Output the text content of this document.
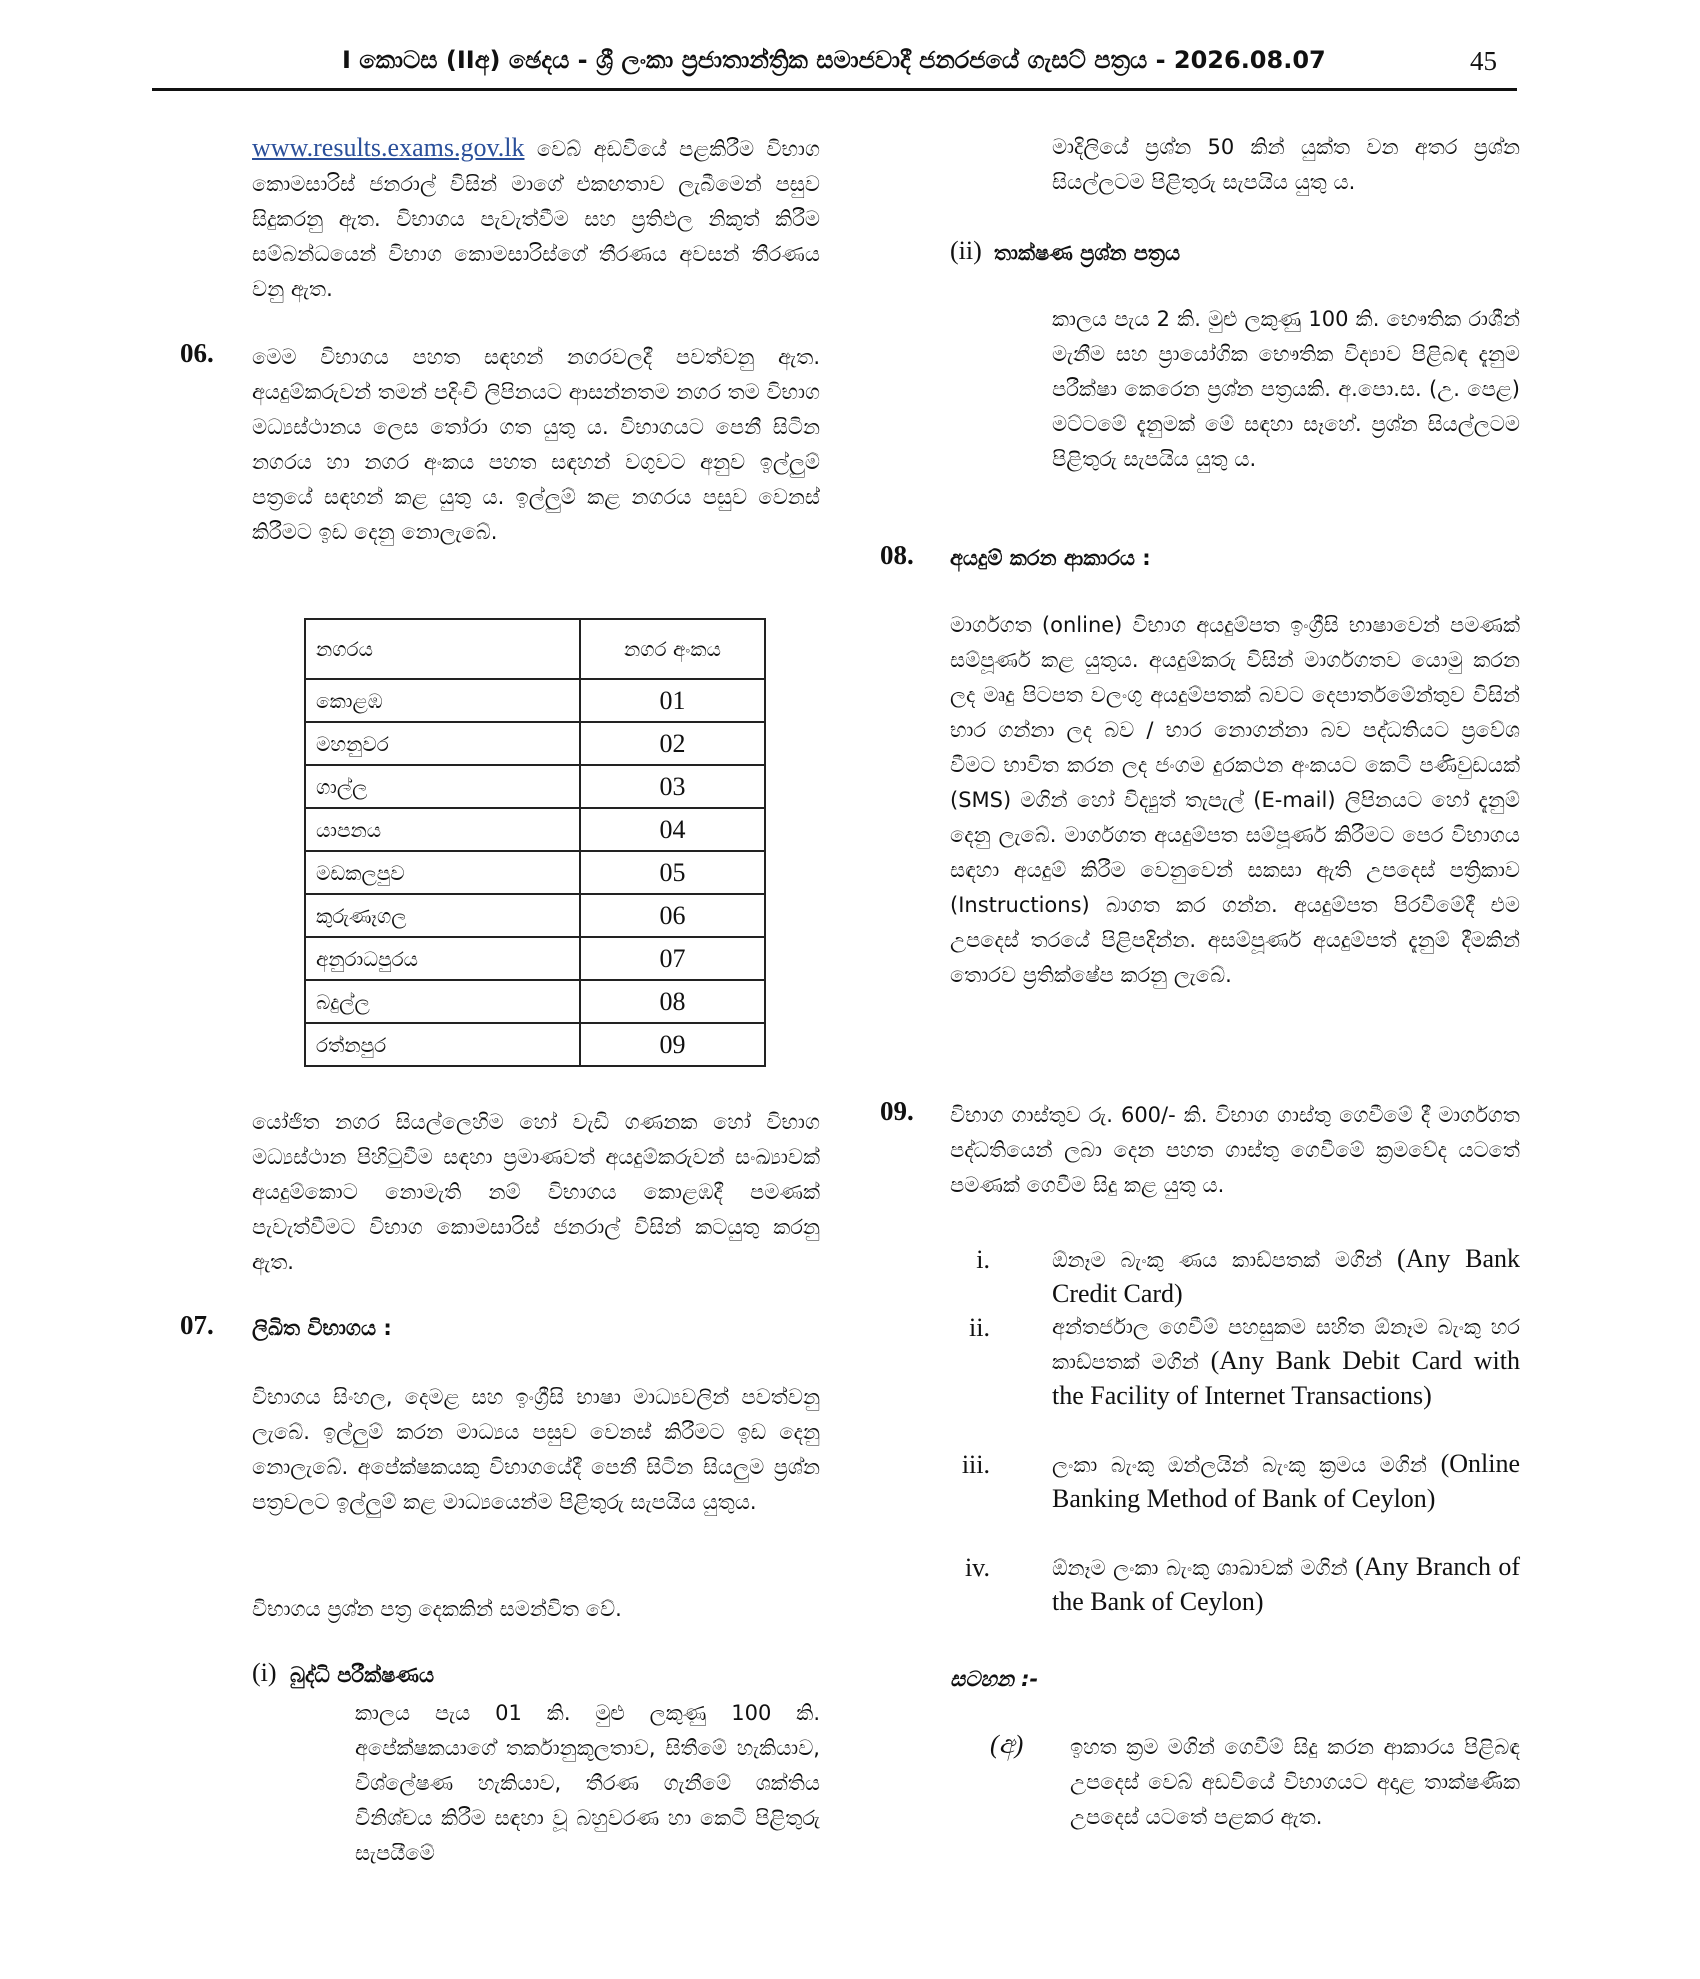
I කොටස (IIඅ) ඡෙදය - ශ්‍රී ලංකා ප්‍රජාතාන්ත්‍රික සමාජවාදී ජනරජයේ ගැසට් පත්‍රය - 2026.08.07	45

www.results.exams.gov.lk වෙබ් අඩවියේ පළකිරීම විභාග කොමසාරිස් ජනරාල් විසින් මාගේ එකඟතාව ලැබීමෙන් පසුව සිදුකරනු ඇත. විභාගය පැවැත්වීම සහ ප්‍රතිඵල නිකුත් කිරීම සම්බන්ධයෙන් විභාග කොමසාරිස්ගේ තීරණය අවසන් තීරණය වනු ඇත.

06. මෙම විභාගය පහත සඳහන් නගරවලදී පවත්වනු ඇත. අයදුම්කරුවන් තමන් පදිංචි ලිපිනයට ආසන්නතම නගර තම විභාග මධ්‍යස්ථානය ලෙස තෝරා ගත යුතු ය. විභාගයට පෙනී සිටින නගරය හා නගර අංකය පහත සඳහන් වගුවට අනුව ඉල්ලුම් පත්‍රයේ සඳහන් කළ යුතු ය. ඉල්ලුම් කළ නගරය පසුව වෙනස් කිරීමට ඉඩ දෙනු නොලැබේ.

නගරය	නගර අංකය
කොළඹ	01
මහනුවර	02
ගාල්ල	03
යාපනය	04
මඩකලපුව	05
කුරුණෑගල	06
අනුරාධපුරය	07
බදුල්ල	08
රත්නපුර	09

යෝජිත නගර සියල්ලෙහිම හෝ වැඩි ගණනක හෝ විභාග මධ්‍යස්ථාන පිහිටුවීම සඳහා ප්‍රමාණවත් අයදුම්කරුවන් සංඛ්‍යාවක් අයදුම්කොට නොමැති නම් විභාගය කොළඹදී පමණක් පැවැත්වීමට විභාග කොමසාරිස් ජනරාල් විසින් කටයුතු කරනු ඇත.

07. ලිඛිත විභාගය :

විභාගය සිංහල, දෙමළ සහ ඉංග්‍රීසි භාෂා මාධ්‍යවලින් පවත්වනු ලැබේ. ඉල්ලුම් කරන මාධ්‍යය පසුව වෙනස් කිරීමට ඉඩ දෙනු නොලැබේ. අපේක්ෂකයකු විභාගයේදී පෙනී සිටින සියලුම ප්‍රශ්න පත්‍රවලට ඉල්ලුම් කළ මාධ්‍යයෙන්ම පිළිතුරු සැපයිය යුතුය.

විභාගය ප්‍රශ්න පත්‍ර දෙකකින් සමන්විත වේ.

(i) බුද්ධි පරීක්ෂණය

කාලය පැය 01 කි. මුළු ලකුණු 100 කි. අපේක්ෂකයාගේ තර්කානුකූලතාව, සිතීමේ හැකියාව, විශ්ලේෂණ හැකියාව, තීරණ ගැනීමේ ශක්තිය විනිශ්චය කිරීම සඳහා වූ බහුවරණ හා කෙටි පිළිතුරු සැපයීමේ

මාදිලියේ ප්‍රශ්න 50 කින් යුක්ත වන අතර ප්‍රශ්න සියල්ලටම පිළිතුරු සැපයිය යුතු ය.

(ii) තාක්ෂණ ප්‍රශ්න පත්‍රය

කාලය පැය 2 කි. මුළු ලකුණු 100 කි. භෞතික රාශීන් මැනීම සහ ප්‍රායෝගික භෞතික විද්‍යාව පිළිබඳ දැනුම පරීක්ෂා කෙරෙන ප්‍රශ්න පත්‍රයකි. අ.පො.ස. (උ. පෙළ) මට්ටමේ දැනුමක් මේ සඳහා සෑහේ. ප්‍රශ්න සියල්ලටම පිළිතුරු සැපයිය යුතු ය.

08. අයදුම් කරන ආකාරය :

මාර්ගගත (online) විභාග අයදුම්පත ඉංග්‍රීසි භාෂාවෙන් පමණක් සම්පූර්ණ කළ යුතුය. අයදුම්කරු විසින් මාර්ගගතව යොමු කරන ලද මෘදු පිටපත වලංගු අයදුම්පතක් බවට දෙපාර්තමේන්තුව විසින් භාර ගන්නා ලද බව / භාර නොගන්නා බව පද්ධතියට ප්‍රවේශ වීමට භාවිත කරන ලද ජංගම දුරකථන අංකයට කෙටි පණිවුඩයක් (SMS) මගින් හෝ විද්‍යුත් තැපැල් (E-mail) ලිපිනයට හෝ දැනුම් දෙනු ලැබේ. මාර්ගගත අයදුම්පත සම්පූර්ණ කිරීමට පෙර විභාගය සඳහා අයදුම් කිරීම වෙනුවෙන් සකසා ඇති උපදෙස් පත්‍රිකාව (Instructions) බාගත කර ගන්න. අයදුම්පත පිරවීමේදී එම උපදෙස් තරයේ පිළිපදින්න. අසම්පූර්ණ අයදුම්පත් දැනුම් දීමකින් තොරව ප්‍රතික්ෂේප කරනු ලැබේ.

09. විභාග ගාස්තුව රු. 600/- කි. විභාග ගාස්තු ගෙවීමේ දී මාර්ගගත පද්ධතියෙන් ලබා දෙන පහත ගාස්තු ගෙවීමේ ක්‍රමවේද යටතේ පමණක් ගෙවීම සිදු කළ යුතු ය.

i.	ඕනෑම බැංකු ණය කාඩ්පතක් මගින් (Any Bank Credit Card)
ii.	අන්තර්ජාල ගෙවීම් පහසුකම සහිත ඕනෑම බැංකු හර කාඩ්පතක් මගින් (Any Bank Debit Card with the Facility of Internet Transactions)
iii.	ලංකා බැංකු ඔන්ලයින් බැංකු ක්‍රමය මගින් (Online Banking Method of Bank of Ceylon)
iv.	ඕනෑම ලංකා බැංකු ශාඛාවක් මගින් (Any Branch of the Bank of Ceylon)
සටහන :-
(අ) ඉහත ක්‍රම මගින් ගෙවීම් සිදු කරන ආකාරය පිළිබඳ උපදෙස් වෙබ් අඩවියේ විභාගයට අදාළ තාක්ෂණික උපදෙස් යටතේ පළකර ඇත.
